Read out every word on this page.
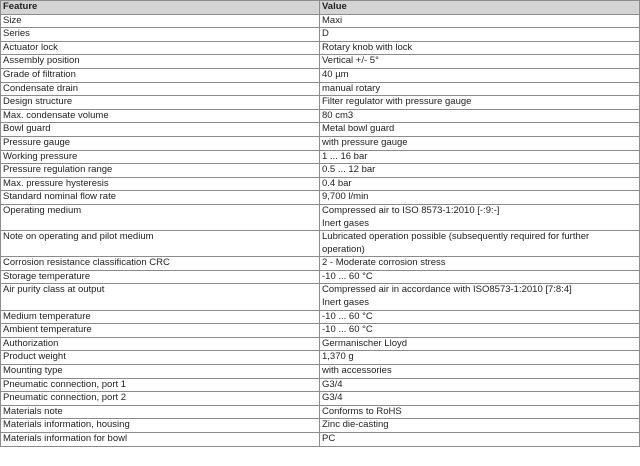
Feature	Value
Size	Maxi
Series	D
Actuator lock	Rotary knob with lock
Assembly position	Vertical +/- 5°
Grade of filtration	40 µm
Condensate drain	manual rotary
Design structure	Filter regulator with pressure gauge
Max. condensate volume	80 cm3
Bowl guard	Metal bowl guard
Pressure gauge	with pressure gauge
Working pressure	1 ... 16 bar
Pressure regulation range	0.5 ... 12 bar
Max. pressure hysteresis	0.4 bar
Standard nominal flow rate	9,700 l/min
Operating medium	Compressed air to ISO 8573-1:2010 [-:9:-]
Inert gases

Note on operating and pilot medium	Lubricated operation possible (subsequently required for further
operation)

Corrosion resistance classification CRC	2 - Moderate corrosion stress
Storage temperature	-10 ... 60 °C
Air purity class at output	Compressed air in accordance with ISO8573-1:2010 [7:8:4]
Inert gases

Medium temperature	-10 ... 60 °C
Ambient temperature	-10 ... 60 °C
Authorization	Germanischer Lloyd
Product weight	1,370 g
Mounting type	with accessories
Pneumatic connection, port 1	G3/4
Pneumatic connection, port 2	G3/4
Materials note	Conforms to RoHS
Materials information, housing	Zinc die-casting
Materials information for bowl	PC
